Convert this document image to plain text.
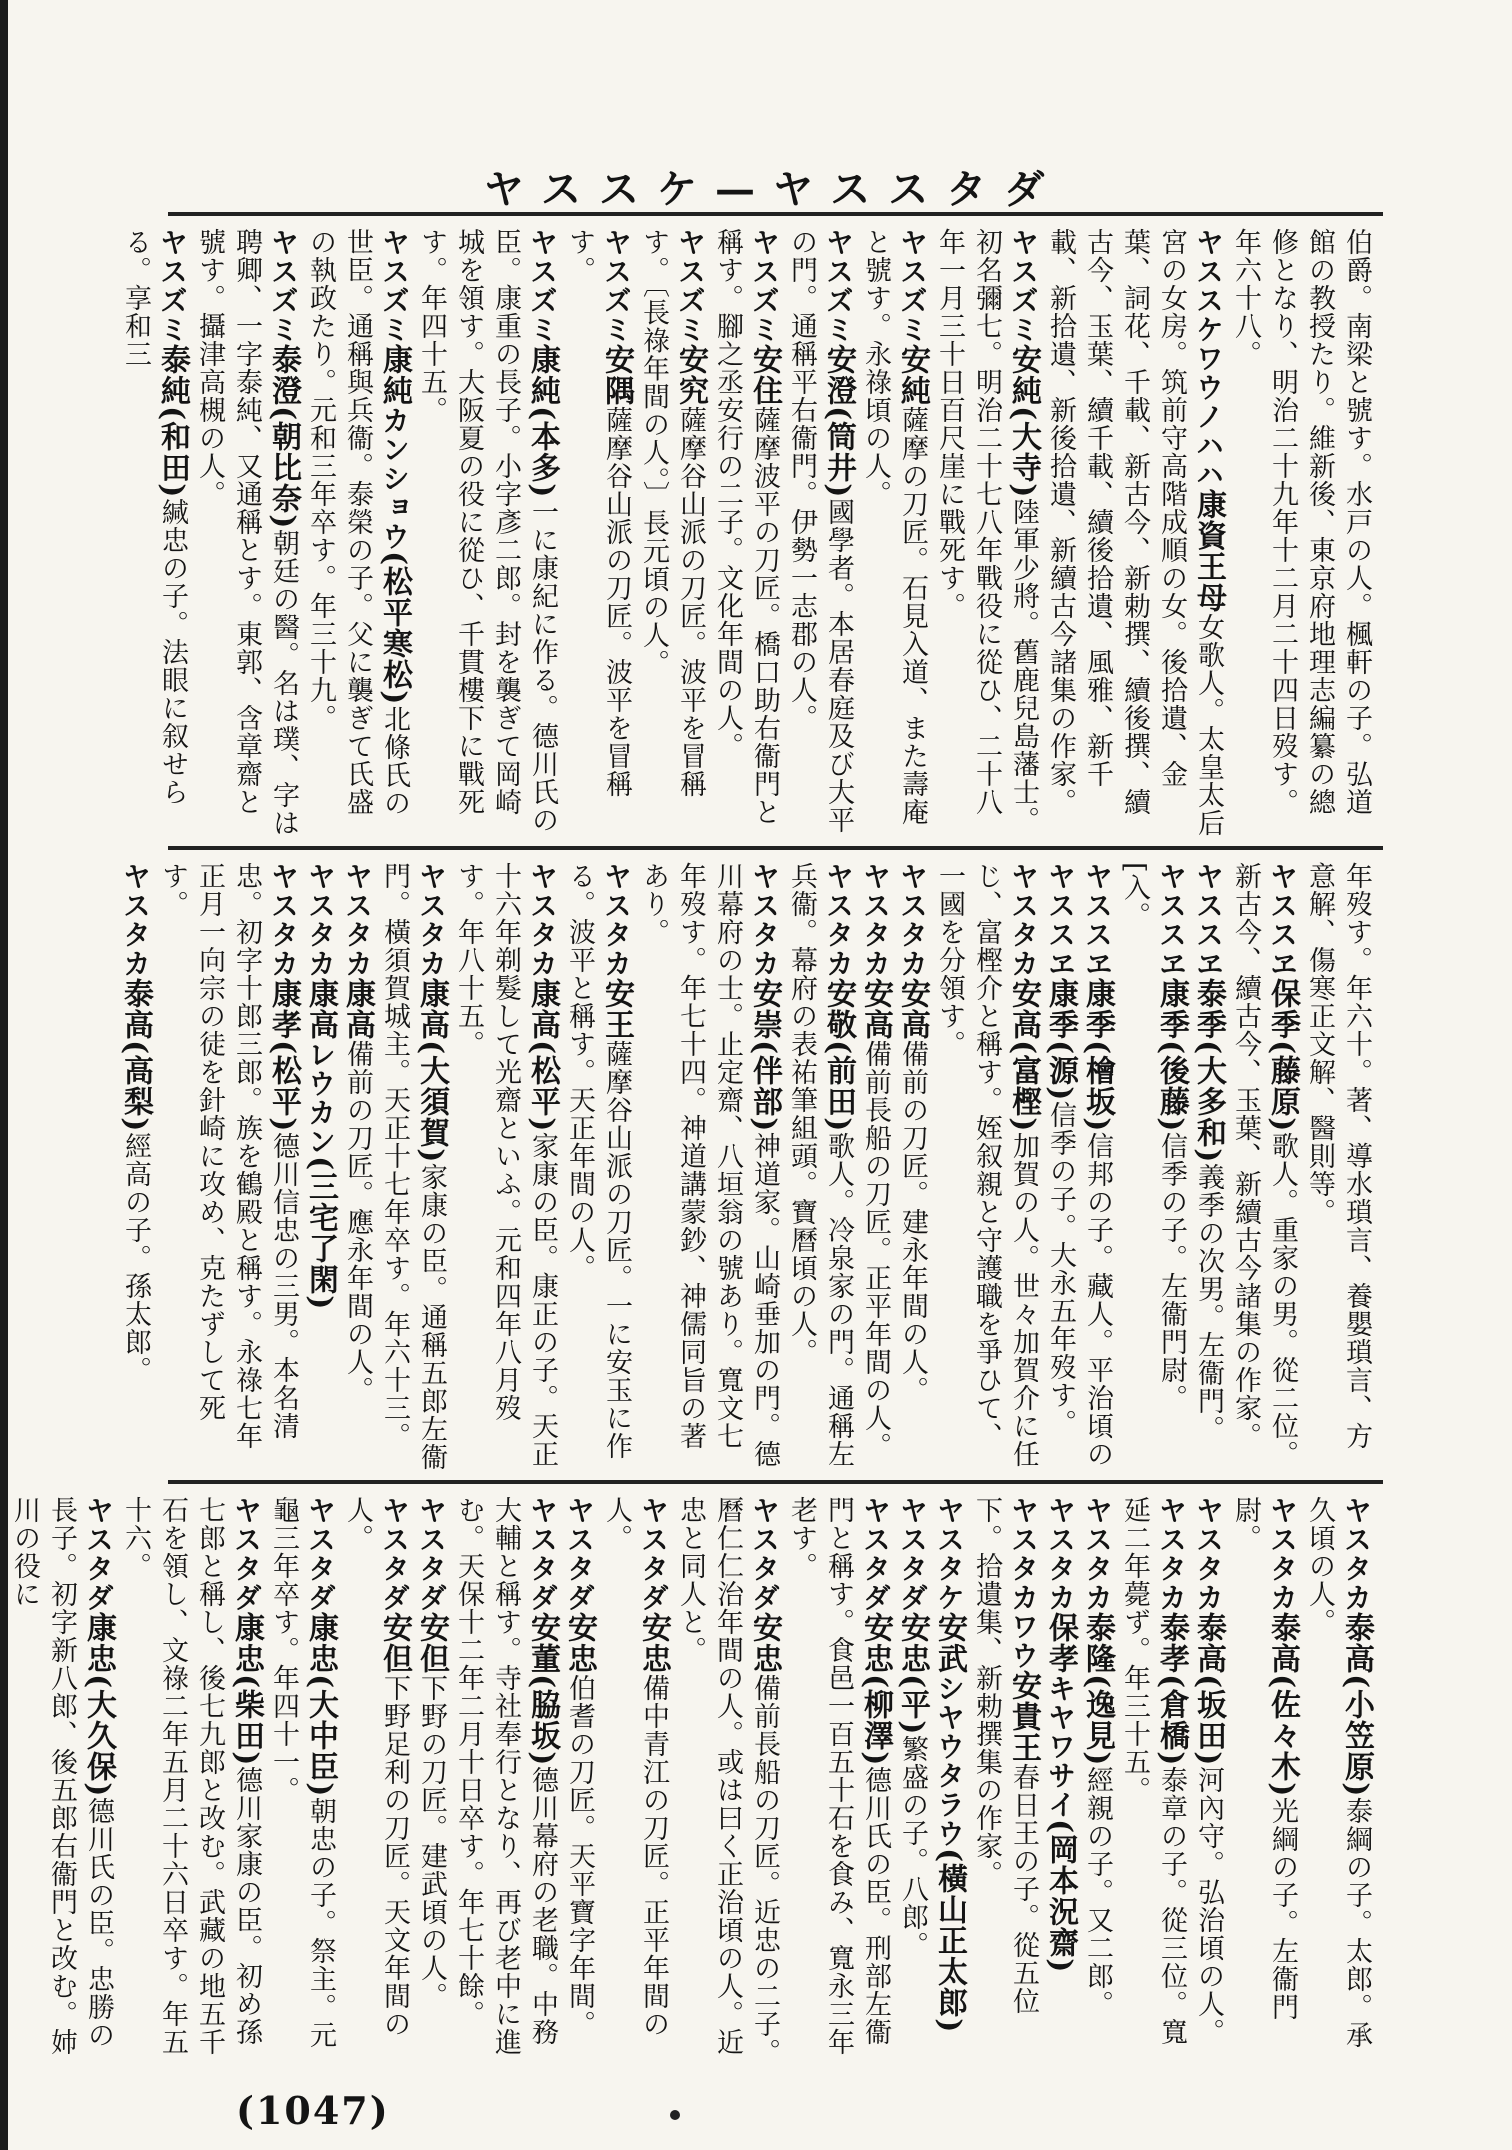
ヤススケ—ヤススタダ

伯爵。南梁と號す。水戸の人。楓軒の子。弘道館の教授たり。維新後、東京府地理志編纂の總修となり、明治二十九年十二月二十四日歿す。年六十八。

ヤススケワウノハハ康資王母女歌人。太皇太后宮の女房。筑前守高階成順の女。後拾遺、金葉、詞花、千載、新古今、新勅撰、續後撰、續古今、玉葉、續千載、續後拾遺、風雅、新千載、新拾遺、新後拾遺、新續古今諸集の作家。

ヤスズミ安純(大寺)陸軍少將。舊鹿兒島藩士。初名彌七。明治二十七八年戰役に從ひ、二十八年一月三十日百尺崖に戰死す。

ヤスズミ安純薩摩の刀匠。石見入道、また壽庵と號す。永祿頃の人。

ヤスズミ安澄(筒井)國學者。本居春庭及び大平の門。通稱平右衞門。伊勢一志郡の人。

ヤスズミ安住薩摩波平の刀匠。橋口助右衞門と稱す。腳之丞安行の二子。文化年間の人。

ヤスズミ安究薩摩谷山派の刀匠。波平を冒稱す。〔長祿年間の人。〕長元頃の人。

ヤスズミ安隅薩摩谷山派の刀匠。波平を冒稱す。

ヤスズミ康純(本多)一に康紀に作る。德川氏の臣。康重の長子。小字彥二郎。封を襲ぎて岡崎城を領す。大阪夏の役に從ひ、千貫樓下に戰死す。年四十五。

ヤスズミ康純カンショウ(松平寒松)北條氏の世臣。通稱與兵衞。泰榮の子。父に襲ぎて氏盛の執政たり。元和三年卒す。年三十九。

ヤスズミ泰澄(朝比奈)朝廷の醫。名は璞、字は聘卿、一字泰純、又通稱とす。東郭、含章齋と號す。攝津高槻の人。

ヤスズミ泰純(和田)緘忠の子。法眼に叙せらる。享和三

年歿す。年六十。著、導水瑣言、養嬰瑣言、方意解、傷寒正文解、醫則等。

ヤススヱ保季(藤原)歌人。重家の男。從二位。新古今、續古今、玉葉、新續古今諸集の作家。

ヤススヱ泰季(大多和)義季の次男。左衞門。

ヤススヱ康季(後藤)信季の子。左衞門尉。[入。

ヤススヱ康季(檜坂)信邦の子。藏人。平治頃の

ヤススヱ康季(源)信季の子。大永五年歿す。

ヤスタカ安高(富樫)加賀の人。世々加賀介に任じ、富樫介と稱す。姪叙親と守護職を爭ひて、一國を分領す。

ヤスタカ安高備前の刀匠。建永年間の人。

ヤスタカ安高備前長船の刀匠。正平年間の人。

ヤスタカ安敬(前田)歌人。冷泉家の門。通稱左兵衞。幕府の表祐筆組頭。寶曆頃の人。

ヤスタカ安崇(伴部)神道家。山崎垂加の門。德川幕府の士。止定齋、八垣翁の號あり。寬文七年歿す。年七十四。神道講蒙鈔、神儒同旨の著あり。

ヤスタカ安王薩摩谷山派の刀匠。一に安玉に作る。波平と稱す。天正年間の人。

ヤスタカ康高(松平)家康の臣。康正の子。天正十六年剃髮して光齋といふ。元和四年八月歿す。年八十五。

ヤスタカ康高(大須賀)家康の臣。通稱五郎左衞門。橫須賀城主。天正十七年卒す。年六十三。

ヤスタカ康高備前の刀匠。應永年間の人。

ヤスタカ康高レウカン(三宅了閑)

ヤスタカ康孝(松平)德川信忠の三男。本名清忠。初字十郎三郎。族を鶴殿と稱す。永祿七年正月一向宗の徒を針崎に攻め、克たずして死す。

ヤスタカ泰高(高梨)經高の子。孫太郎。

ヤスタカ泰高(小笠原)泰綱の子。太郎。承久頃の人。

ヤスタカ泰高(佐々木)光綱の子。左衞門尉。

ヤスタカ泰高(坂田)河內守。弘治頃の人。

ヤスタカ泰孝(倉橋)泰章の子。從三位。寬延二年薨ず。年三十五。

ヤスタカ泰隆(逸見)經親の子。又二郎。

ヤスタカ保孝キヤワサイ(岡本況齋)

ヤスタカワウ安貴王春日王の子。從五位下。拾遺集、新勅撰集の作家。

ヤスタケ安武シヤウタラウ(橫山正太郎)

ヤスタダ安忠(平)繁盛の子。八郎。

ヤスタダ安忠(柳澤)德川氏の臣。刑部左衞門と稱す。食邑一百五十石を食み、寬永三年老す。

ヤスタダ安忠備前長船の刀匠。近忠の二子。曆仁仁治年間の人。或は曰く正治頃の人。近忠と同人と。

ヤスタダ安忠備中青江の刀匠。正平年間の人。

ヤスタダ安忠伯耆の刀匠。天平寶字年間。

ヤスタダ安董(脇坂)德川幕府の老職。中務大輔と稱す。寺社奉行となり、再び老中に進む。天保十二年二月十日卒す。年七十餘。

ヤスタダ安但下野の刀匠。建武頃の人。

ヤスタダ安但下野足利の刀匠。天文年間の人。

ヤスタダ康忠(大中臣)朝忠の子。祭主。元龜三年卒す。年四十一。

ヤスタダ康忠(柴田)德川家康の臣。初め孫七郎と稱し、後七九郎と改む。武藏の地五千石を領し、文祿二年五月二十六日卒す。年五十六。

ヤスタダ康忠(大久保)德川氏の臣。忠勝の長子。初字新八郎、後五郎右衞門と改む。姉川の役に

(1047)
